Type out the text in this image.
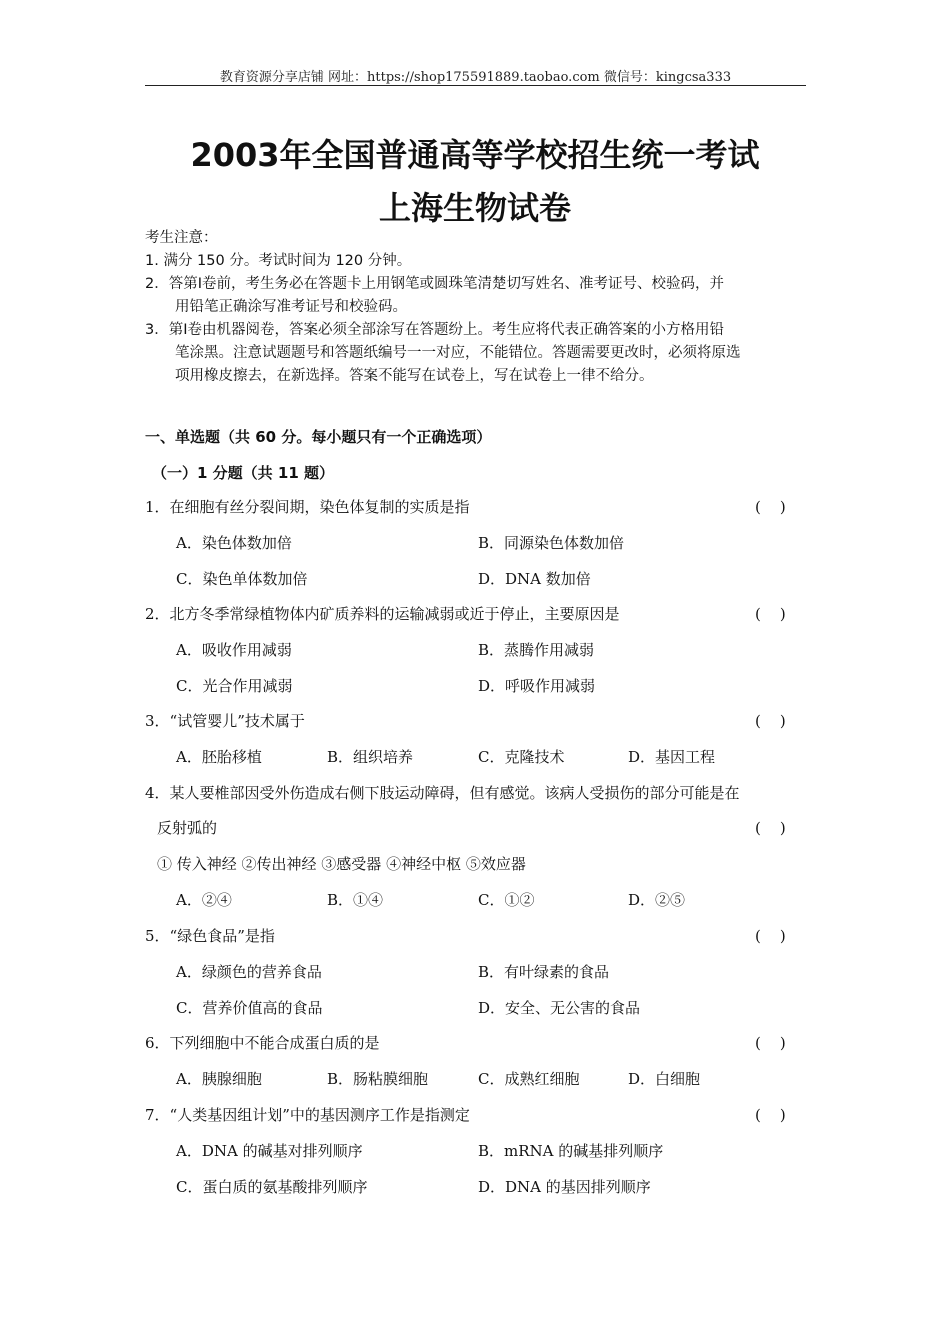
教育资源分享店铺 网址：https://shop175591889.taobao.com 微信号：kingcsa333
2003年全国普通高等学校招生统一考试
上海生物试卷
考生注意：
1. 满分 150 分。考试时间为 120 分钟。
2．答第Ⅰ卷前，考生务必在答题卡上用钢笔或圆珠笔清楚切写姓名、准考证号、校验码，并
用铅笔正确涂写准考证号和校验码。
3．第Ⅰ卷由机器阅卷，答案必须全部涂写在答题纷上。考生应将代表正确答案的小方格用铅
笔涂黑。注意试题题号和答题纸编号一一对应，不能错位。答题需要更改时，必须将原选
项用橡皮擦去，在新选择。答案不能写在试卷上，写在试卷上一律不给分。
一、单选题（共 60 分。每小题只有一个正确选项）
（一）1 分题（共 11 题）
1．在细胞有丝分裂间期，染色体复制的实质是指	(    )
A．染色体数加倍	B．同源染色体数加倍
C．染色单体数加倍	D．DNA 数加倍
2．北方冬季常绿植物体内矿质养料的运输减弱或近于停止，主要原因是	(    )
A．吸收作用减弱	B．蒸腾作用减弱
C．光合作用减弱	D．呼吸作用减弱
3．“试管婴儿”技术属于	(    )
A．胚胎移植	B．组织培养	C．克隆技术	D．基因工程
4．某人要椎部因受外伤造成右侧下肢运动障碍，但有感觉。该病人受损伤的部分可能是在
反射弧的	(    )
① 传入神经 ②传出神经 ③感受器 ④神经中枢 ⑤效应器
A．②④	B．①④	C．①②	D．②⑤
5．“绿色食品”是指	(    )
A．绿颜色的营养食品	B．有叶绿素的食品
C．营养价值高的食品	D．安全、无公害的食品
6．下列细胞中不能合成蛋白质的是	(    )
A．胰腺细胞	B．肠粘膜细胞	C．成熟红细胞	D．白细胞
7．“人类基因组计划”中的基因测序工作是指测定	(    )
A．DNA 的碱基对排列顺序	B．mRNA 的碱基排列顺序
C．蛋白质的氨基酸排列顺序	D．DNA 的基因排列顺序
